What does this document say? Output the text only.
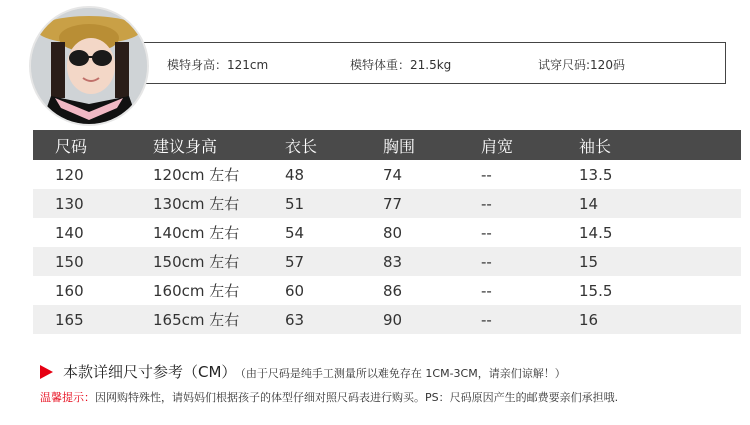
模特身高：121cm	模特体重：21.5kg	试穿尺码:120码
尺码	建议身高	衣长	胸围	肩宽	袖长
120	120cm 左右	48	74	--	13.5
130	130cm 左右	51	77	--	14
140	140cm 左右	54	80	--	14.5
150	150cm 左右	57	83	--	15
160	160cm 左右	60	86	--	15.5
165	165cm 左右	63	90	--	16
本款详细尺寸参考（CM） （由于尺码是纯手工测量所以难免存在 1CM-3CM，请亲们谅解！）
温馨提示：因网购特殊性，请妈妈们根据孩子的体型仔细对照尺码表进行购买。PS：尺码原因产生的邮费要亲们承担哦.
